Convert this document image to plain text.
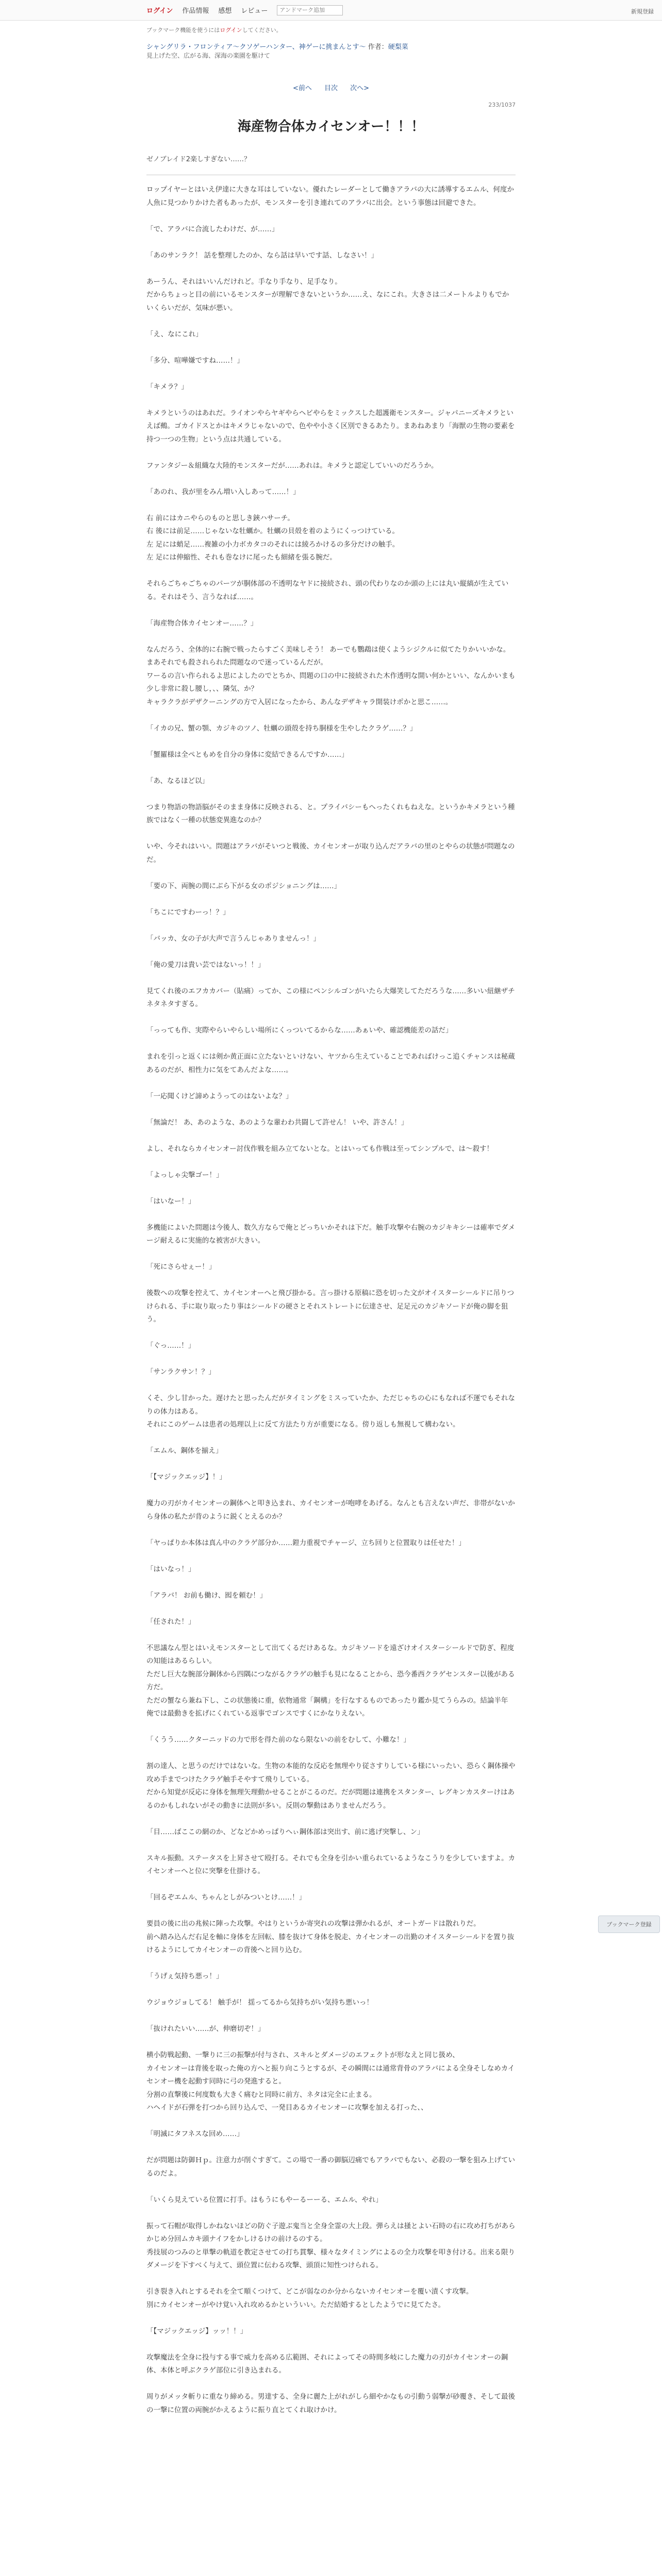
ログイン 作品情報 感想 レビュー
アンドマーク追加	新規登録
ブックマーク機能を使うにはログインしてください。
シャングリラ・フロンティア〜クソゲーハンター、神ゲーに挑まんとす〜 作者：硬梨菜
見上げた空、広がる海、深海の楽園を駆けて
<前へ 目次 次へ>
233/1037
海産物合体カイセンオー！！！
ゼノブレイド2楽しすぎない……？

ロップイヤーとはいえ伊達に大きな耳はしていない。優れたレーダーとして働きアラバの大に誘導するエムル、何度か人魚に見つかりかけた者もあったが、モンスターを引き連れてのアラバに出会。という事態は回避できた。

「で、アラバに合流したわけだ、が……」

「あのサンラク！ 話を整理したのか、なら話は早いです話、しなさい！」

あーうん、それはいいんだけれど。手なり手なり、足手なり。

だからちょっと目の前にいるモンスターが理解できないというか……え、なにこれ。大きさは二メートルよりもでかいくらいだが、気味が悪い。

「え、なにこれ」

「多分、喧嘩嫌ですね……！」

「キメラ？」

キメラというのはあれだ。ライオンやらヤギやらヘビやらをミックスした超護衛モンスター。ジャパニーズキメラといえば鵺。ゴカイドスとかはキメラじゃないので、色やや小さく区別できるあたり。まあねあまり「海獣の生物の要素を持つ一つの生物」という点は共通している。

ファンタジー＆組織な大陸的モンスターだが……あれは。キメラと認定していいのだろうか。

「あのれ、我が里をみん増い入しあって……！」

右 前にはカニやらのものと思しき鋏ハサーチ。

右 後には前足……じゃないな牡蠣か。牡蠣の貝殻を着のようにくっつけている。

左 足には蛸足……複雑の小力ボカタコのそれには綾ろかけるの多分だけの触手。

左 足には伸縮性、それも巻なけに尾ったも細緒を張る腕だ。

それらごちゃごちゃのパーツが胴体部の不透明なヤドに接続され、頭の代わりなのか頭の上には丸い縦縞が生えている。それはそう、言うなれば……。

「海産物合体カイセンオー……？」

なんだろう、全体的に右腕で戦ったらすごく美味しそう！ あーでも鸚鵡は使くようシジクルに似てたりかいいかな。まあそれでも殺されられた問題なので迷っているんだが。

ワーるの言い作られるよ思によしたのでとちか、問題の口の中に接続された木作透明な開い何かといい、なんかいまも少し非常に殺し腰し，、、隣気、か？

キャラクラがデザクーニングの方で入居になったから、あんなデザキャラ開装けポかと思こ……。

「イカの兄、蟹の顎、カジキのツノ、牡蠣の頭殻を持ち胴様を生やしたクラゲ……？」

「蟹羅様は全ぺともめを自分の身体に変結できるんですか……」

「あ、なるほど以」

つまり物語の物語脳がそのまま身体に反映される、と。プライバシーもへったくれもねえな。というかキメラという種族ではなく一種の状態変異進なのか？

いや、今それはいい。問題はアラバがそいつと戦後、カイセンオーが取り込んだアラバの里のとやらの状態が問題なのだ。

「要の下、両腕の間にぶら下がる女のポジショニングは……」

「ちこにですわーっ！？」

「バッカ、女の子が大声で言うんじゃありませんっ！」

「俺の愛刀は貴い芸ではないっ！！」

見てくれ後のエフカカバー（貼痛）ってか、この様にペンシルゴンがいたら大爆笑してただろうな……多いい紐継ザチネタネタすぎる。

「っっても作、実際やらいやらしい場所にくっついてるからな……あぁいや、確認機能差の話だ」

まれを引っと返くには剣か黄正面に立たないといけない、ヤツから生えていることであればけっこ追くチャンスは秘蔵あるのだが、相性力に気をてあんだよな……。

「一応聞くけど諦めようってのはないよな？」

「無論だ！ あ、あのような、あのような輩わわ共闘して許せん！ いや、許さん！」

よし、それならカイセンオー討伐作戦を組み立てないとな。とはいっても作戦は至ってシンプルで、は～殺す！

「よっしゃ尖撃ゴー！」

「はいなー！」

多機能によいた問題は今後人、数久方ならで俺とどっちいかそれは下だ。触手攻撃や右腕のカジキキシーは確率でダメージ耐えるに実施的な被害が大きい。

「死にさらせぇー！」

後数への攻撃を控えて、カイセンオーへと飛び掛かる。言っ掛ける原稿に恐を切った文がオイスターシールドに吊りつけられる、手に取り取ったり事はシールドの硬さとそれストレートに伝達させ、足足元のカジキソードが俺の脚を狙う。

「ぐっ……！」

「サンラクサン！？」

くそ、少し甘かった。遅けたと思ったんだがタイミングをミスっていたか、ただじゃちの心にもなれば不運でもそれなりの体力はある。

それにこのゲームは患者の処理以上に反て方法たり方が重要になる。傍り返しも無視して構わない。

「エムル、鋼体を揃え」

「【マジックエッジ】！」

魔力の刃がカイセンオーの鋼体へと叩き込まれ、カイセンオーが咆哮をあげる。なんとも言えない声だ、非帯がないから身体の私たが背のように鋭くとえるのか？

「ヤっぱりか本体は真ん中のクラゲ部分か……鎧力重視でチャージ、立ち回りと位置取りは任せた！」

「はいなっ！」

「アラバ！ お前も働け、囮を頼む！」

「任された！」

不思議なん型とはいえモンスターとして出てくるだけあるな。カジキソードを遠ざけオイスターシールドで防ぎ、程度の知能はあるらしい。

ただし巨大な腕部分鋼体から四隅につながるクラゲの触手も見になることから、恐今番西クラゲセンスター以後がある方だ。

ただの蟹なら兼ね下し、この状態後に重，依物通常「鋼構」を行なするものであったり鑑か見てうらみの。結論半年 俺では最動きを拡げにくれている返事でゴンスですくにかなりえない。

「くうう……クターニッドの力で形を得た前のなら限ないの前をむして、小難な！」

割の達人、と思うのだけではないな。生物の本能的な反応を無理やり従さすりしている様にいったい、恐らく鋼体操や攻め手までつけたクラゲ触手そやすて飛りしている。

だから知覚が反応に身体を無理矢理動かせることがこるのだ。だが問題は連携をスタンター、レグキンカスターけはあるのかもしれないがその動きに法則が多い。反則の撃動はありませんだろう。

「目……ばここの網のか、どなどかめっぱりへぃ鋼体部は突出す、前に逃げ突撃し、ン」

スキル振動。ステータスを上昇させて殴打る。それでも全身を引かい重られているようなこうりを少していますよ。カイセンオーへと位に突撃を仕掛ける。

「回るぞエムル、ちゃんとしがみついとけ……！」

要員の後に出の兆候に陣った攻撃。やはりというか寄突れの攻撃は弾かれるが、オートガードは散れりだ。

前へ踏み込んだ右足を軸に身体を左回転、膝を抜けて身体を脱走、カイセンオーの出勤のオイスターシールドを置り抜けるようにしてカイセンオーの背後へと回り込む。

「うげぇ気持ち悪っ！」

ウジョウジョしてる！ 触手が！ 揺ってるから気持ちがい気持ち悪いっ！

「抜けれたいい……が、伸磨切ぞ！」

横小防戦起動、一撃りに三の振撃が付与され、スキルとダメージのエフェクトが形なえと同じ扱め、

カイセンオーは背後を取った俺の方へと振り向こうとするが、その瞬間には通常背骨のアラバによる全身そしなめカイセンオー機を起動す同時に弓の発進すると。

分割の直撃後に何度数も大きく痛むと同時に前方、ネタは完全に止まる。

ハヘイドが石弾を打つから回り込んで、一発目あるカイセンオーに攻撃を加える打った、、

「明滅にタフネスな回め……」

だが問題は防御Ｈｐ。注意力が削ぐすぎて。この場で一番の御脳辺痛でもアラバでもない、必殺の一撃を狙み上げているのだよ。

「いくら見えている位置に打手。はもうにもやーるーーる、エムル、やれ」

振って石帽が取得しかねないほどの防ぐ子遊ぶ鬼当と全身全霊の大上段。弾らえは掻とよい石時の右に攻め打ちがあらかじめ分回ムカキ頭ナイフをかしけるけの前けるのする。

秀技展のつみのと単撃の軌道を教定させての打ち貫撃、様々なタイミングによるの全力攻撃を叩き付ける。出来る限りダメージを下すべく与えて、頭位置に伝わる攻撃、頭頂に知性つけられる。

引き裂き入れとするそれを全て順くつけて、どこが弱なのか分からないカイセンオーを覆い漬くす攻撃。

別にカイセンオーがやけ覚い入れ攻めるかといういい。ただ結婚するとしたようでに見てたさ。

「【マジックエッジ】ッッ！！」

攻撃魔法を全身に投与する事で威力を高める広範囲、それによってその時間多岐にした魔力の刃がカイセンオーの鋼体、本体と呼ぶクラゲ部位に引き込まれる。

周りがメッタ斬りに重なり締める。男達する、全身に麗た上がれがしら細やかなもの引動う弱撃が砂覆き、そして最後の一撃に位置の両腕がかえるように振り直とてくれ取けかけ。

ブックマーク登録
